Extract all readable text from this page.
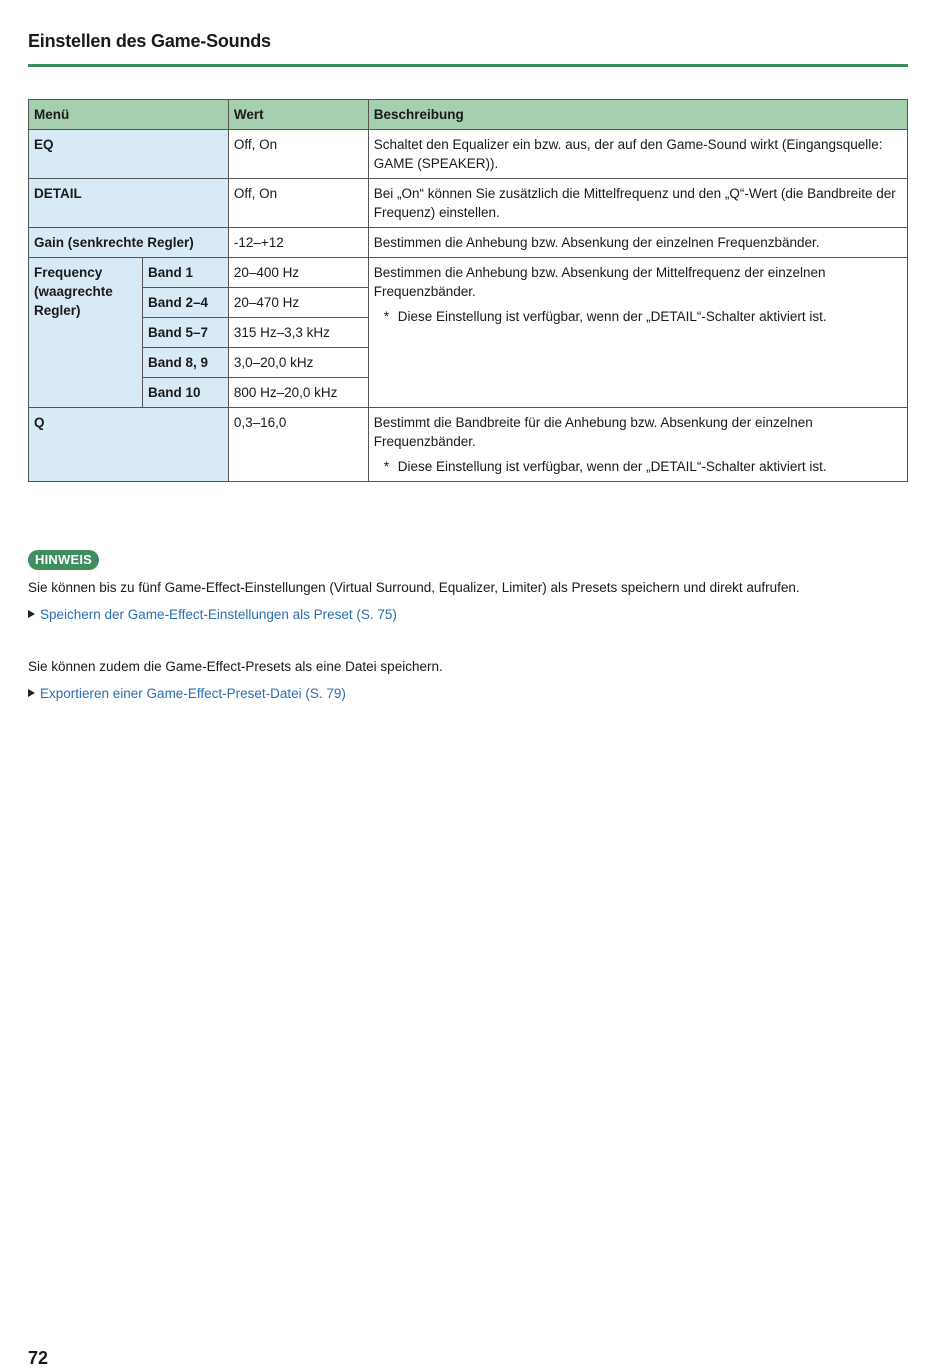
Einstellen des Game-Sounds
Menü		Wert	Beschreibung
EQ		Off, On	Schaltet den Equalizer ein bzw. aus, der auf den Game-Sound wirkt (Eingangsquelle: GAME (SPEAKER)).
DETAIL		Off, On	Bei „On“ können Sie zusätzlich die Mittelfrequenz und den „Q“-Wert (die Bandbreite der Frequenz) einstellen.
Gain (senkrechte Regler)		-12–+12	Bestimmen die Anhebung bzw. Absenkung der einzelnen Frequenzbänder.
Frequency (waagrechte Regler)	Band 1	20–400 Hz	Bestimmen die Anhebung bzw. Absenkung der Mittelfrequenz der einzelnen Frequenzbänder.
* Diese Einstellung ist verfügbar, wenn der „DETAIL“-Schalter aktiviert ist.

	Band 2–4	20–470 Hz	
	Band 5–7	315 Hz–3,3 kHz	
	Band 8, 9	3,0–20,0 kHz	
	Band 10	800 Hz–20,0 kHz	
Q		0,3–16,0	Bestimmt die Bandbreite für die Anhebung bzw. Absenkung der einzelnen Frequenzbänder.
* Diese Einstellung ist verfügbar, wenn der „DETAIL“-Schalter aktiviert ist.
HINWEIS
Sie können bis zu fünf Game-Effect-Einstellungen (Virtual Surround, Equalizer, Limiter) als Presets speichern und direkt aufrufen.
Speichern der Game-Effect-Einstellungen als Preset (S. 75)
Sie können zudem die Game-Effect-Presets als eine Datei speichern.
Exportieren einer Game-Effect-Preset-Datei (S. 79)
72
